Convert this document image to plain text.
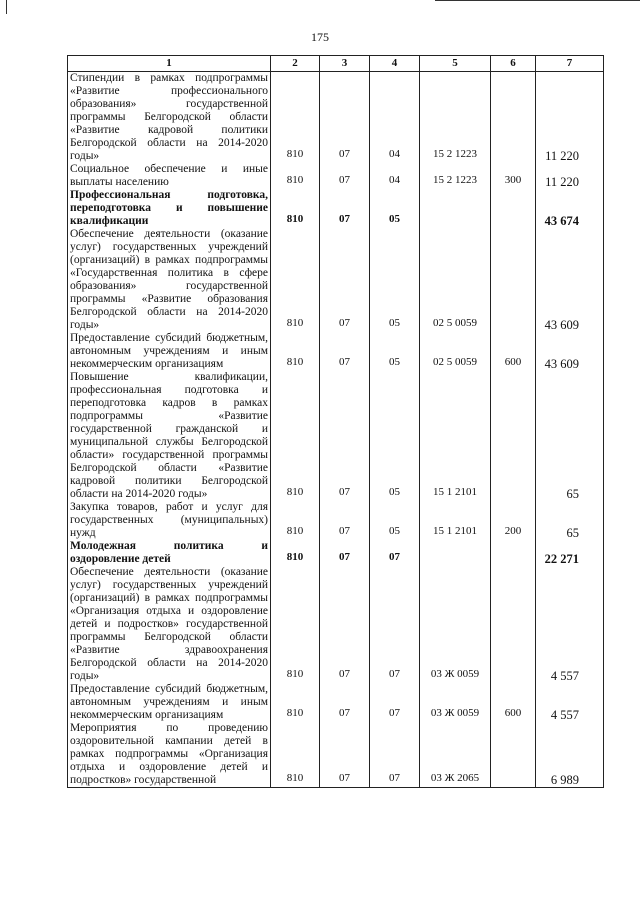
175
1	2	3	4	5	6	7
Стипендии в рамках подпрограммы «Развитие профессионального образования» государственной программы Белгородской области «Развитие кадровой политики Белгородской области на 2014-2020 годы»	810	07	04	15 2 1223		11 220
Социальное обеспечение и иные выплаты населению	810	07	04	15 2 1223	300	11 220
Профессиональная подготовка, переподготовка и повышение квалификации	810	07	05			43 674
Обеспечение деятельности (оказание услуг) государственных учреждений (организаций) в рамках подпрограммы «Государственная политика в сфере образования» государственной программы «Развитие образования Белгородской области на 2014-2020 годы»	810	07	05	02 5 0059		43 609
Предоставление субсидий бюджетным, автономным учреждениям и иным некоммерческим организациям	810	07	05	02 5 0059	600	43 609
Повышение квалификации, профессиональная подготовка и переподготовка кадров в рамках подпрограммы «Развитие государственной гражданской и муниципальной службы Белгородской области» государственной программы Белгородской области «Развитие кадровой политики Белгородской области на 2014-2020 годы»	810	07	05	15 1 2101		65
Закупка товаров, работ и услуг для государственных (муниципальных) нужд	810	07	05	15 1 2101	200	65
Молодежная политика и оздоровление детей	810	07	07			22 271
Обеспечение деятельности (оказание услуг) государственных учреждений (организаций) в рамках подпрограммы «Организация отдыха и оздоровление детей и подростков» государственной программы Белгородской области «Развитие здравоохранения Белгородской области на 2014-2020 годы»	810	07	07	03 Ж 0059		4 557
Предоставление субсидий бюджетным, автономным учреждениям и иным некоммерческим организациям	810	07	07	03 Ж 0059	600	4 557
Мероприятия по проведению оздоровительной кампании детей в рамках подпрограммы «Организация отдыха и оздоровление детей и подростков» государственной	810	07	07	03 Ж 2065		6 989
